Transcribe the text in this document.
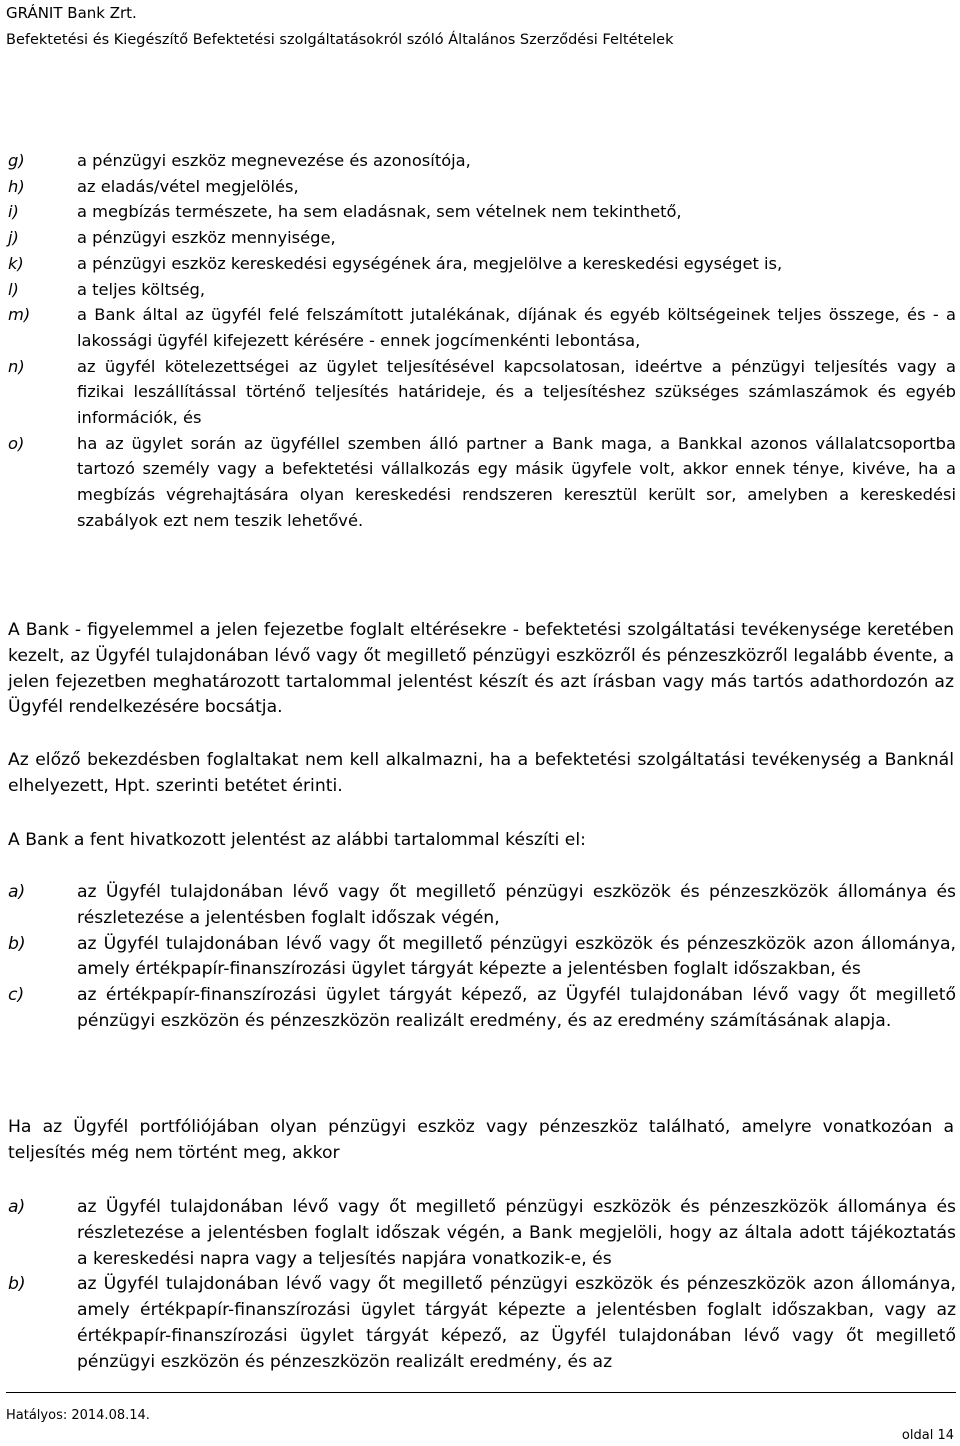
GRÁNIT Bank Zrt.
Befektetési és Kiegészítő Befektetési szolgáltatásokról szóló Általános Szerződési Feltételek
g)	a pénzügyi eszköz megnevezése és azonosítója,
h)	az eladás/vétel megjelölés,
i)	a megbízás természete, ha sem eladásnak, sem vételnek nem tekinthető,
j)	a pénzügyi eszköz mennyisége,
k)	a pénzügyi eszköz kereskedési egységének ára, megjelölve a kereskedési egységet is,
l)	a teljes költség,
m)	a Bank által az ügyfél felé felszámított jutalékának, díjának és egyéb költségeinek teljes összege, és - a lakossági ügyfél kifejezett kérésére - ennek jogcímenkénti lebontása,
n)	az ügyfél kötelezettségei az ügylet teljesítésével kapcsolatosan, ideértve a pénzügyi teljesítés vagy a fizikai leszállítással történő teljesítés határideje, és a teljesítéshez szükséges számlaszámok és egyéb információk, és
o)	ha az ügylet során az ügyféllel szemben álló partner a Bank maga, a Bankkal azonos vállalatcsoportba tartozó személy vagy a befektetési vállalkozás egy másik ügyfele volt, akkor ennek ténye, kivéve, ha a megbízás végrehajtására olyan kereskedési rendszeren keresztül került sor, amelyben a kereskedési szabályok ezt nem teszik lehetővé.
A Bank - figyelemmel a jelen fejezetbe foglalt eltérésekre - befektetési szolgáltatási tevékenysége keretében kezelt, az Ügyfél tulajdonában lévő vagy őt megillető pénzügyi eszközről és pénzeszközről legalább évente, a jelen fejezetben meghatározott tartalommal jelentést készít és azt írásban vagy más tartós adathordozón az Ügyfél rendelkezésére bocsátja.
Az előző bekezdésben foglaltakat nem kell alkalmazni, ha a befektetési szolgáltatási tevékenység a Banknál elhelyezett, Hpt. szerinti betétet érinti.
A Bank a fent hivatkozott jelentést az alábbi tartalommal készíti el:
a)	az Ügyfél tulajdonában lévő vagy őt megillető pénzügyi eszközök és pénzeszközök állománya és részletezése a jelentésben foglalt időszak végén,
b)	az Ügyfél tulajdonában lévő vagy őt megillető pénzügyi eszközök és pénzeszközök azon állománya, amely értékpapír-finanszírozási ügylet tárgyát képezte a jelentésben foglalt időszakban, és
c)	az értékpapír-finanszírozási ügylet tárgyát képező, az Ügyfél tulajdonában lévő vagy őt megillető pénzügyi eszközön és pénzeszközön realizált eredmény, és az eredmény számításának alapja.
Ha az Ügyfél portfóliójában olyan pénzügyi eszköz vagy pénzeszköz található, amelyre vonatkozóan a teljesítés még nem történt meg, akkor
a)	az Ügyfél tulajdonában lévő vagy őt megillető pénzügyi eszközök és pénzeszközök állománya és részletezése a jelentésben foglalt időszak végén, a Bank megjelöli, hogy az általa adott tájékoztatás a kereskedési napra vagy a teljesítés napjára vonatkozik-e, és
b)	az Ügyfél tulajdonában lévő vagy őt megillető pénzügyi eszközök és pénzeszközök azon állománya, amely értékpapír-finanszírozási ügylet tárgyát képezte a jelentésben foglalt időszakban, vagy az értékpapír-finanszírozási ügylet tárgyát képező, az Ügyfél tulajdonában lévő vagy őt megillető pénzügyi eszközön és pénzeszközön realizált eredmény, és az
Hatályos: 2014.08.14.
oldal 14
